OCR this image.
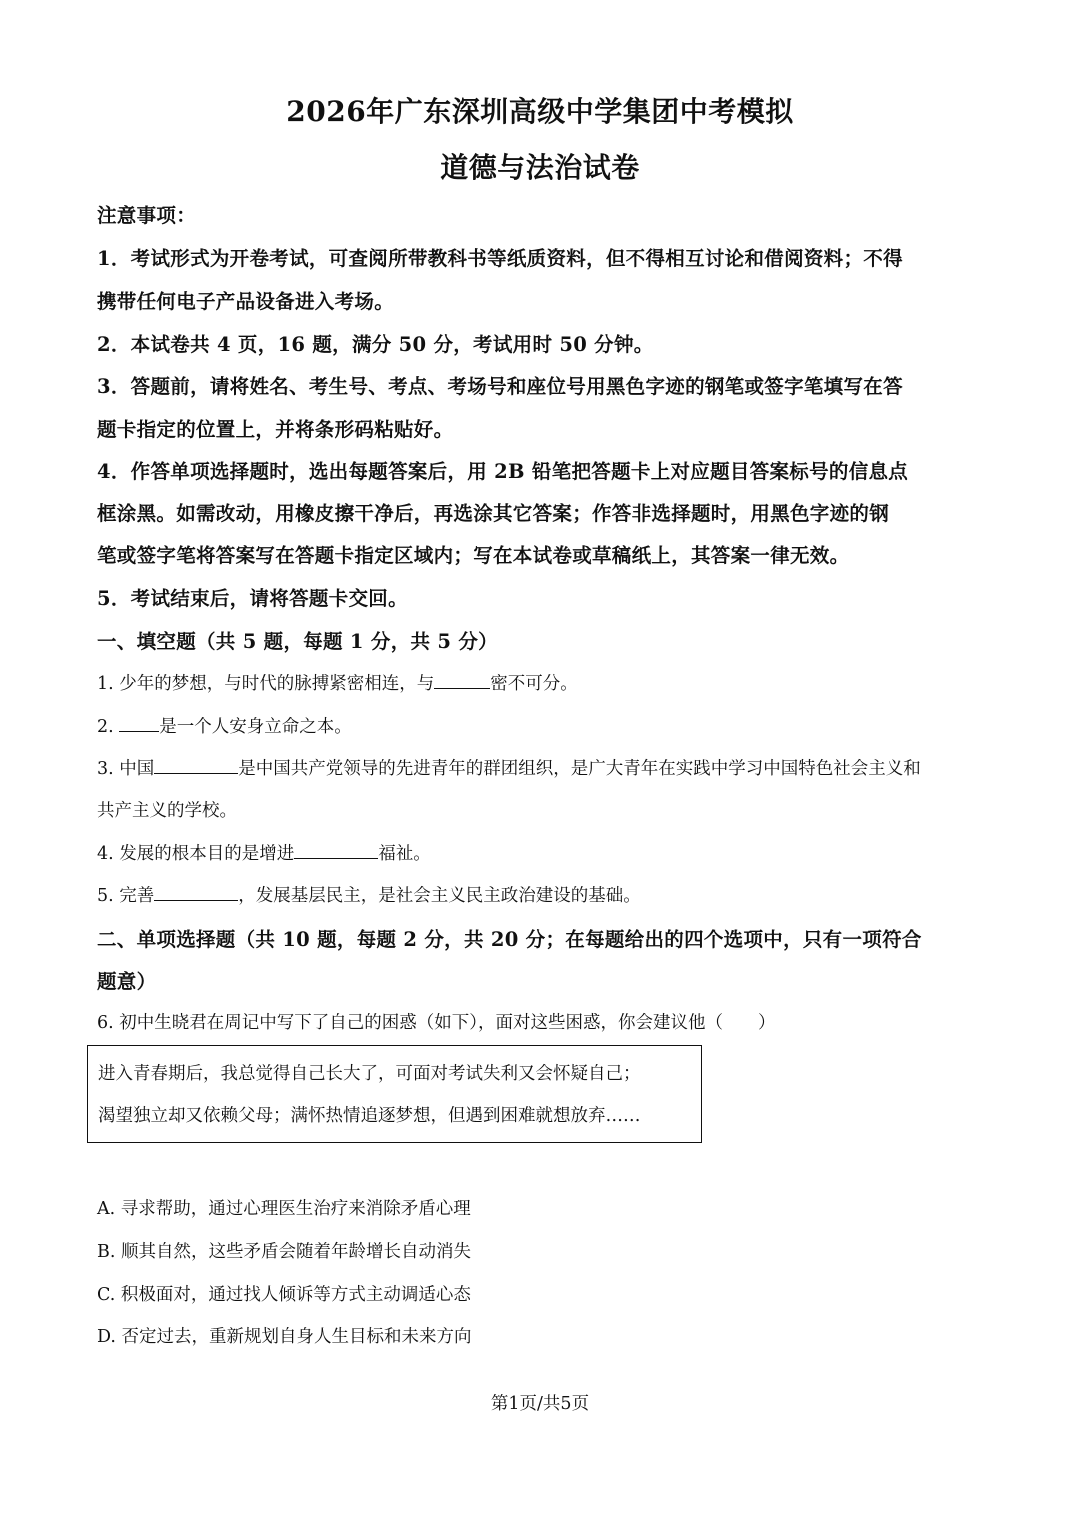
2026年广东深圳高级中学集团中考模拟
道德与法治试卷
注意事项：
1．考试形式为开卷考试，可查阅所带教科书等纸质资料，但不得相互讨论和借阅资料；不得
携带任何电子产品设备进入考场。
2．本试卷共 4 页，16 题，满分 50 分，考试用时 50 分钟。
3．答题前，请将姓名、考生号、考点、考场号和座位号用黑色字迹的钢笔或签字笔填写在答
题卡指定的位置上，并将条形码粘贴好。
4．作答单项选择题时，选出每题答案后，用 2B 铅笔把答题卡上对应题目答案标号的信息点
框涂黑。如需改动，用橡皮擦干净后，再选涂其它答案；作答非选择题时，用黑色字迹的钢
笔或签字笔将答案写在答题卡指定区域内；写在本试卷或草稿纸上，其答案一律无效。
5．考试结束后，请将答题卡交回。
一、填空题（共 5 题，每题 1 分，共 5 分）
1. 少年的梦想，与时代的脉搏紧密相连，与	密不可分。
2. 是一个人安身立命之本。
3. 中国	是中国共产党领导的先进青年的群团组织，是广大青年在实践中学习中国特色社会主义和
共产主义的学校。
4. 发展的根本目的是增进	福祉。
5. 完善	，发展基层民主，是社会主义民主政治建设的基础。
二、单项选择题（共 10 题，每题 2 分，共 20 分；在每题给出的四个选项中，只有一项符合
题意）
6. 初中生晓君在周记中写下了自己的困惑（如下），面对这些困惑，你会建议他（　　）
进入青春期后，我总觉得自己长大了，可面对考试失利又会怀疑自己；
渴望独立却又依赖父母；满怀热情追逐梦想，但遇到困难就想放弃……
A. 寻求帮助，通过心理医生治疗来消除矛盾心理
B. 顺其自然，这些矛盾会随着年龄增长自动消失
C. 积极面对，通过找人倾诉等方式主动调适心态
D. 否定过去，重新规划自身人生目标和未来方向
第1页/共5页
